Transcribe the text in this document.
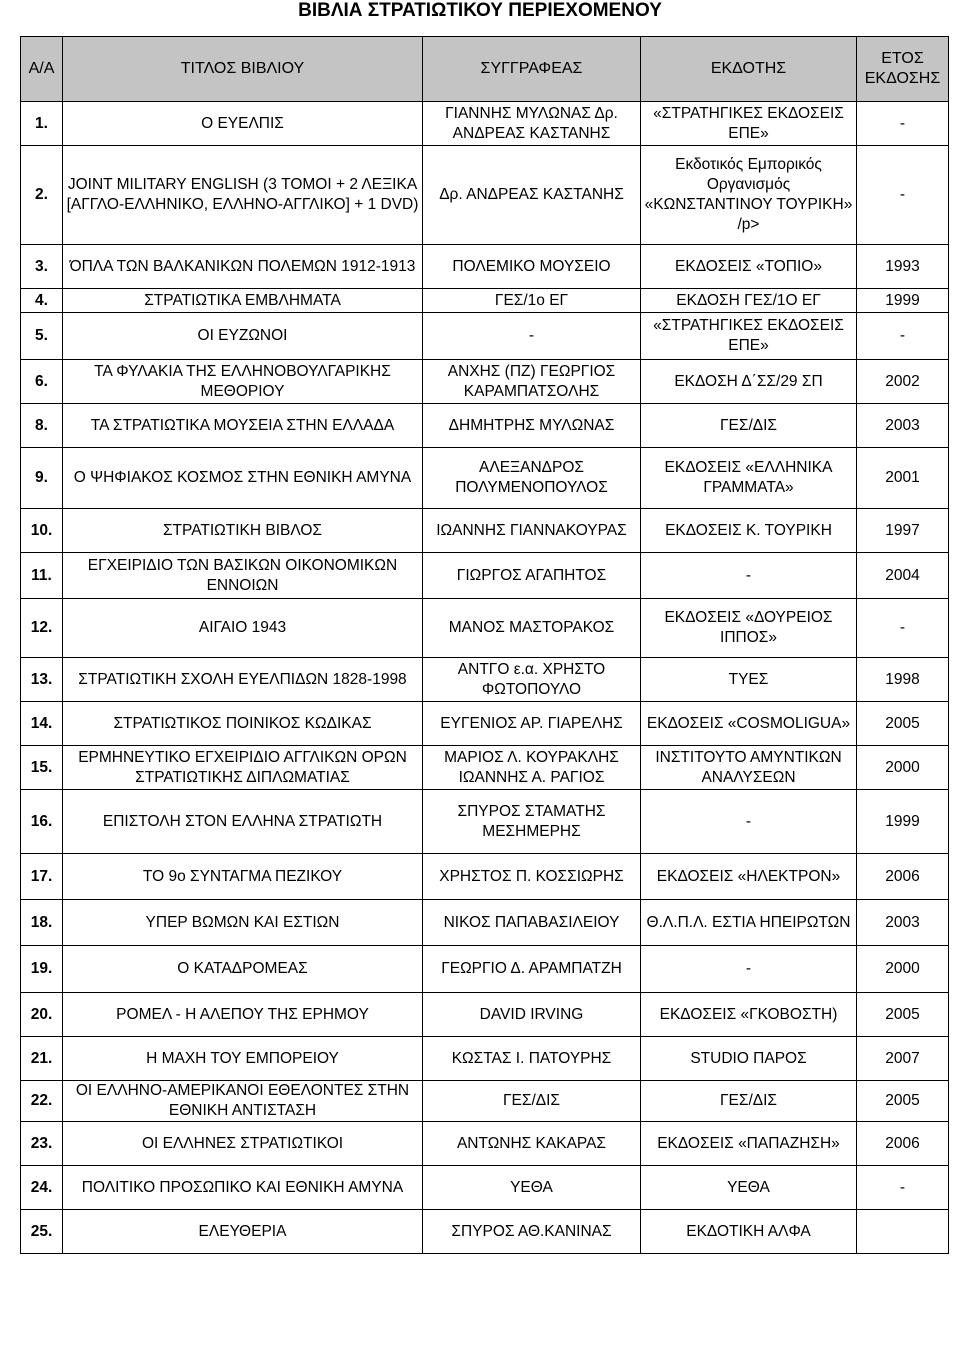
ΒΙΒΛΙΑ ΣΤΡΑΤΙΩΤΙΚΟΥ ΠΕΡΙΕΧΟΜΕΝΟΥ
Α/Α	ΤΙΤΛΟΣ ΒΙΒΛΙΟΥ	ΣΥΓΓΡΑΦΕΑΣ	ΕΚΔΟΤΗΣ	ΕΤΟΣ ΕΚΔΟΣΗΣ
1.	Ο ΕΥΕΛΠΙΣ	ΓΙΑΝΝΗΣ ΜΥΛΩΝΑΣ Δρ. ΑΝΔΡΕΑΣ ΚΑΣΤΑΝΗΣ	«ΣΤΡΑΤΗΓΙΚΕΣ ΕΚΔΟΣΕΙΣ ΕΠΕ»	-
2.	JOINT MILITARY ENGLISH (3 ΤΟΜΟΙ + 2 ΛΕΞΙΚΑ [ΑΓΓΛΟ-ΕΛΛΗΝΙΚΟ, ΕΛΛΗΝΟ-ΑΓΓΛΙΚΟ] + 1 DVD)	Δρ. ΑΝΔΡΕΑΣ ΚΑΣΤΑΝΗΣ	Εκδοτικός Εμπορικός Οργανισμός «ΚΩΝΣΤΑΝΤΙΝΟΥ ΤΟΥΡΙΚΗ» /p>	-
3.	ΌΠΛΑ ΤΩΝ ΒΑΛΚΑΝΙΚΩΝ ΠΟΛΕΜΩΝ 1912-1913	ΠΟΛΕΜΙΚΟ ΜΟΥΣΕΙΟ	ΕΚΔΟΣΕΙΣ «ΤΟΠΙΟ»	1993
4.	ΣΤΡΑΤΙΩΤΙΚΑ ΕΜΒΛΗΜΑΤΑ	ΓΕΣ/1ο ΕΓ	ΕΚΔΟΣΗ ΓΕΣ/1Ο ΕΓ	1999
5.	ΟΙ ΕΥΖΩΝΟΙ	-	«ΣΤΡΑΤΗΓΙΚΕΣ ΕΚΔΟΣΕΙΣ ΕΠΕ»	-
6.	ΤΑ ΦΥΛΑΚΙΑ ΤΗΣ ΕΛΛΗΝΟΒΟΥΛΓΑΡΙΚΗΣ ΜΕΘΟΡΙΟΥ	ΑΝΧΗΣ (ΠΖ) ΓΕΩΡΓΙΟΣ ΚΑΡΑΜΠΑΤΣΟΛΗΣ	ΕΚΔΟΣΗ Δ΄ΣΣ/29 ΣΠ	2002
8.	ΤΑ ΣΤΡΑΤΙΩΤΙΚΑ ΜΟΥΣΕΙΑ ΣΤΗΝ ΕΛΛΑΔΑ	ΔΗΜΗΤΡΗΣ ΜΥΛΩΝΑΣ	ΓΕΣ/ΔΙΣ	2003
9.	Ο ΨΗΦΙΑΚΟΣ ΚΟΣΜΟΣ ΣΤΗΝ ΕΘΝΙΚΗ ΑΜΥΝΑ	ΑΛΕΞΑΝΔΡΟΣ ΠΟΛΥΜΕΝΟΠΟΥΛΟΣ	ΕΚΔΟΣΕΙΣ «ΕΛΛΗΝΙΚΑ ΓΡΑΜΜΑΤΑ»	2001
10.	ΣΤΡΑΤΙΩΤΙΚΗ ΒΙΒΛΟΣ	ΙΩΑΝΝΗΣ ΓΙΑΝΝΑΚΟΥΡΑΣ	ΕΚΔΟΣΕΙΣ Κ. ΤΟΥΡΙΚΗ	1997
11.	ΕΓΧΕΙΡΙΔΙΟ ΤΩΝ ΒΑΣΙΚΩΝ ΟΙΚΟΝΟΜΙΚΩΝ ΕΝΝΟΙΩΝ	ΓΙΩΡΓΟΣ ΑΓΑΠΗΤΟΣ	-	2004
12.	ΑΙΓΑΙΟ 1943	ΜΑΝΟΣ ΜΑΣΤΟΡΑΚΟΣ	ΕΚΔΟΣΕΙΣ «ΔΟΥΡΕΙΟΣ ΙΠΠΟΣ»	-
13.	ΣΤΡΑΤΙΩΤΙΚΗ ΣΧΟΛΗ ΕΥΕΛΠΙΔΩΝ 1828-1998	ΑΝΤΓΟ ε.α. ΧΡΗΣΤΟ ΦΩΤΟΠΟΥΛΟ	ΤΥΕΣ	1998
14.	ΣΤΡΑΤΙΩΤΙΚΟΣ ΠΟΙΝΙΚΟΣ ΚΩΔΙΚΑΣ	ΕΥΓΕΝΙΟΣ ΑΡ. ΓΙΑΡΕΛΗΣ	ΕΚΔΟΣΕΙΣ «COSMOLIGUA»	2005
15.	ΕΡΜΗΝΕΥΤΙΚΟ ΕΓΧΕΙΡΙΔΙΟ ΑΓΓΛΙΚΩΝ ΟΡΩΝ ΣΤΡΑΤΙΩΤΙΚΗΣ ΔΙΠΛΩΜΑΤΙΑΣ	ΜΑΡΙΟΣ Λ. ΚΟΥΡΑΚΛΗΣ ΙΩΑΝΝΗΣ Α. ΡΑΓΙΟΣ	ΙΝΣΤΙΤΟΥΤΟ ΑΜΥΝΤΙΚΩΝ ΑΝΑΛΥΣΕΩΝ	2000
16.	ΕΠΙΣΤΟΛΗ ΣΤΟΝ ΕΛΛΗΝΑ ΣΤΡΑΤΙΩΤΗ	ΣΠΥΡΟΣ ΣΤΑΜΑΤΗΣ ΜΕΣΗΜΕΡΗΣ	-	1999
17.	ΤΟ 9ο ΣΥΝΤΑΓΜΑ ΠΕΖΙΚΟΥ	ΧΡΗΣΤΟΣ Π. ΚΟΣΣΙΩΡΗΣ	ΕΚΔΟΣΕΙΣ «ΗΛΕΚΤΡΟΝ»	2006
18.	ΥΠΕΡ ΒΩΜΩΝ ΚΑΙ ΕΣΤΙΩΝ	ΝΙΚΟΣ ΠΑΠΑΒΑΣΙΛΕΙΟΥ	Θ.Λ.Π.Λ. ΕΣΤΙΑ ΗΠΕΙΡΩΤΩΝ	2003
19.	Ο ΚΑΤΑΔΡΟΜΕΑΣ	ΓΕΩΡΓΙΟ Δ. ΑΡΑΜΠΑΤΖΗ	-	2000
20.	ΡΟΜΕΛ - Η ΑΛΕΠΟΥ ΤΗΣ ΕΡΗΜΟΥ	DAVID IRVING	ΕΚΔΟΣΕΙΣ «ΓΚΟΒΟΣΤΗ)	2005
21.	Η ΜΑΧΗ ΤΟΥ ΕΜΠΟΡΕΙΟΥ	ΚΩΣΤΑΣ Ι. ΠΑΤΟΥΡΗΣ	STUDIO ΠΑΡΟΣ	2007
22.	ΟΙ ΕΛΛΗΝΟ-ΑΜΕΡΙΚΑΝΟΙ ΕΘΕΛΟΝΤΕΣ ΣΤΗΝ ΕΘΝΙΚΗ ΑΝΤΙΣΤΑΣΗ	ΓΕΣ/ΔΙΣ	ΓΕΣ/ΔΙΣ	2005
23.	ΟΙ ΕΛΛΗΝΕΣ ΣΤΡΑΤΙΩΤΙΚΟΙ	ΑΝΤΩΝΗΣ ΚΑΚΑΡΑΣ	ΕΚΔΟΣΕΙΣ «ΠΑΠΑΖΗΣΗ»	2006
24.	ΠΟΛΙΤΙΚΟ ΠΡΟΣΩΠΙΚΟ ΚΑΙ ΕΘΝΙΚΗ ΑΜΥΝΑ	ΥΕΘΑ	ΥΕΘΑ	-
25.	ΕΛΕΥΘΕΡΙΑ	ΣΠΥΡΟΣ ΑΘ.ΚΑΝΙΝΑΣ	ΕΚΔΟΤΙΚΗ ΑΛΦΑ	
